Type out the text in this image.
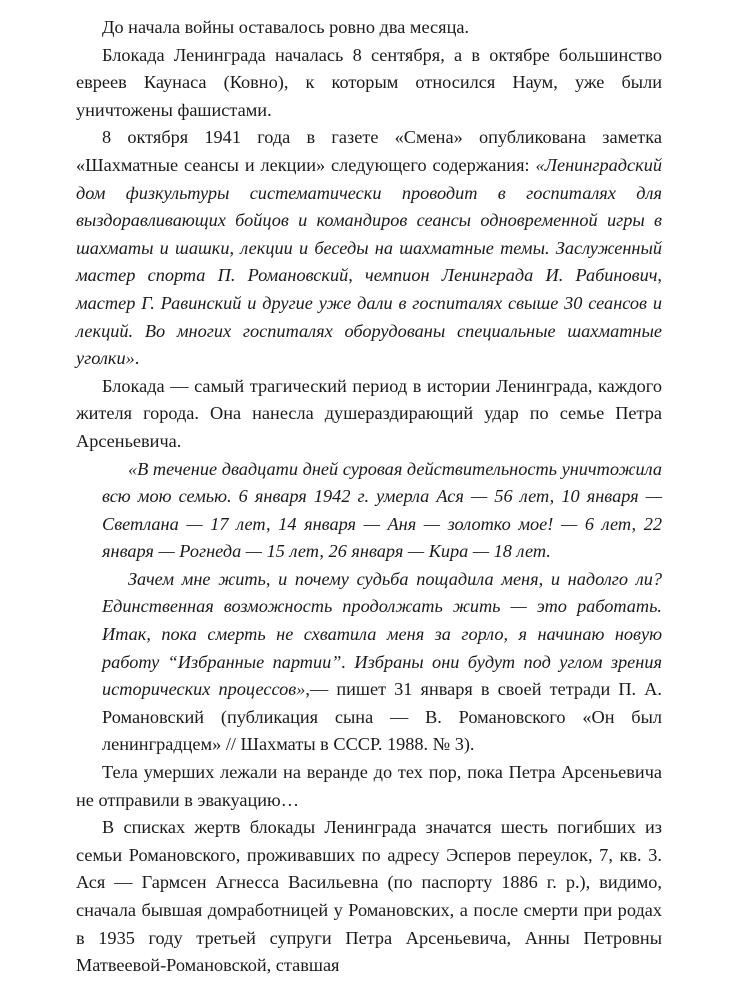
До начала войны оставалось ровно два месяца.

Блокада Ленинграда началась 8 сентября, а в октябре большинство евреев Каунаса (Ковно), к которым относился Наум, уже были уничтожены фашистами.

8 октября 1941 года в газете «Смена» опубликована заметка «Шахматные сеансы и лекции» следующего содержания: «Ленинградский дом физкультуры систематически проводит в госпиталях для выздоравливающих бойцов и командиров сеансы одновременной игры в шахматы и шашки, лекции и беседы на шахматные темы. Заслуженный мастер спорта П. Романовский, чемпион Ленинграда И. Рабинович, мастер Г. Равинский и другие уже дали в госпиталях свыше 30 сеансов и лекций. Во многих госпиталях оборудованы специальные шахматные уголки».

Блокада — самый трагический период в истории Ленинграда, каждого жителя города. Она нанесла душераздирающий удар по семье Петра Арсеньевича.

«В течение двадцати дней суровая действительность уничтожила всю мою семью. 6 января 1942 г. умерла Ася — 56 лет, 10 января — Светлана — 17 лет, 14 января — Аня — золотко мое! — 6 лет, 22 января — Рогнеда — 15 лет, 26 января — Кира — 18 лет.

Зачем мне жить, и почему судьба пощадила меня, и надолго ли? Единственная возможность продолжать жить — это работать. Итак, пока смерть не схватила меня за горло, я начинаю новую работу “Избранные партии”. Избраны они будут под углом зрения исторических процессов»,— пишет 31 января в своей тетради П. А. Романовский (публикация сына — В. Романовского «Он был ленинградцем» // Шахматы в СССР. 1988. № 3).

Тела умерших лежали на веранде до тех пор, пока Петра Арсеньевича не отправили в эвакуацию…

В списках жертв блокады Ленинграда значатся шесть погибших из семьи Романовского, проживавших по адресу Эсперов переулок, 7, кв. 3. Ася — Гармсен Агнесса Васильевна (по паспорту 1886 г. р.), видимо, сначала бывшая домработницей у Романовских, а после смерти при родах в 1935 году третьей супруги Петра Арсеньевича, Анны Петровны Матвеевой-Романовской, ставшая
